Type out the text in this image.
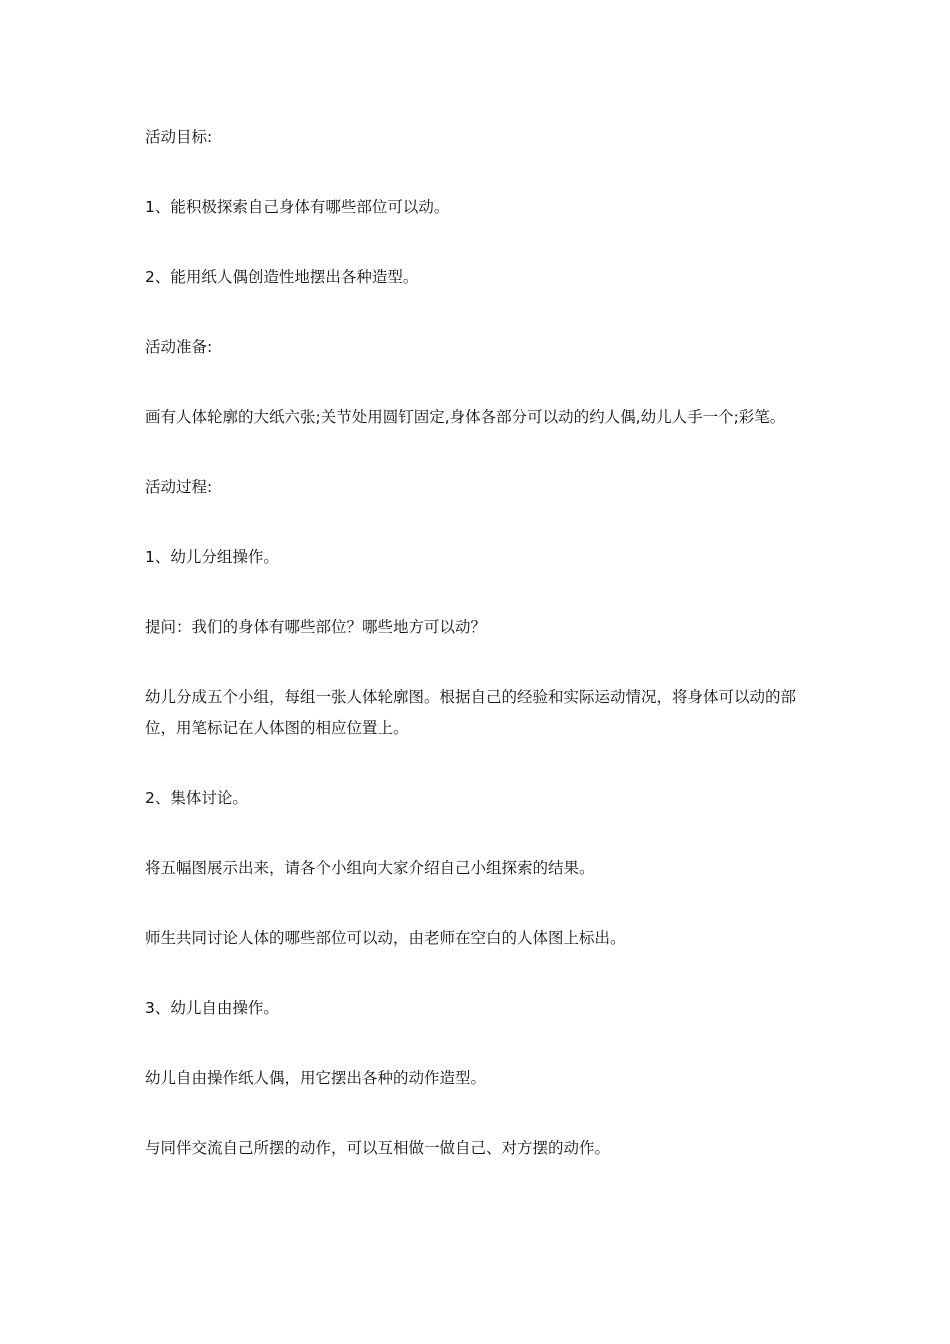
活动目标:

1、能积极探索自己身体有哪些部位可以动。

2、能用纸人偶创造性地摆出各种造型。

活动准备:

画有人体轮廓的大纸六张;关节处用圆钉固定,身体各部分可以动的约人偶,幼儿人手一个;彩笔。

活动过程:

1、幼儿分组操作。

提问：我们的身体有哪些部位？哪些地方可以动？

幼儿分成五个小组，每组一张人体轮廓图。根据自己的经验和实际运动情况，将身体可以动的部位，用笔标记在人体图的相应位置上。

2、集体讨论。

将五幅图展示出来，请各个小组向大家介绍自己小组探索的结果。

师生共同讨论人体的哪些部位可以动，由老师在空白的人体图上标出。

3、幼儿自由操作。

幼儿自由操作纸人偶，用它摆出各种的动作造型。

与同伴交流自己所摆的动作，可以互相做一做自己、对方摆的动作。
